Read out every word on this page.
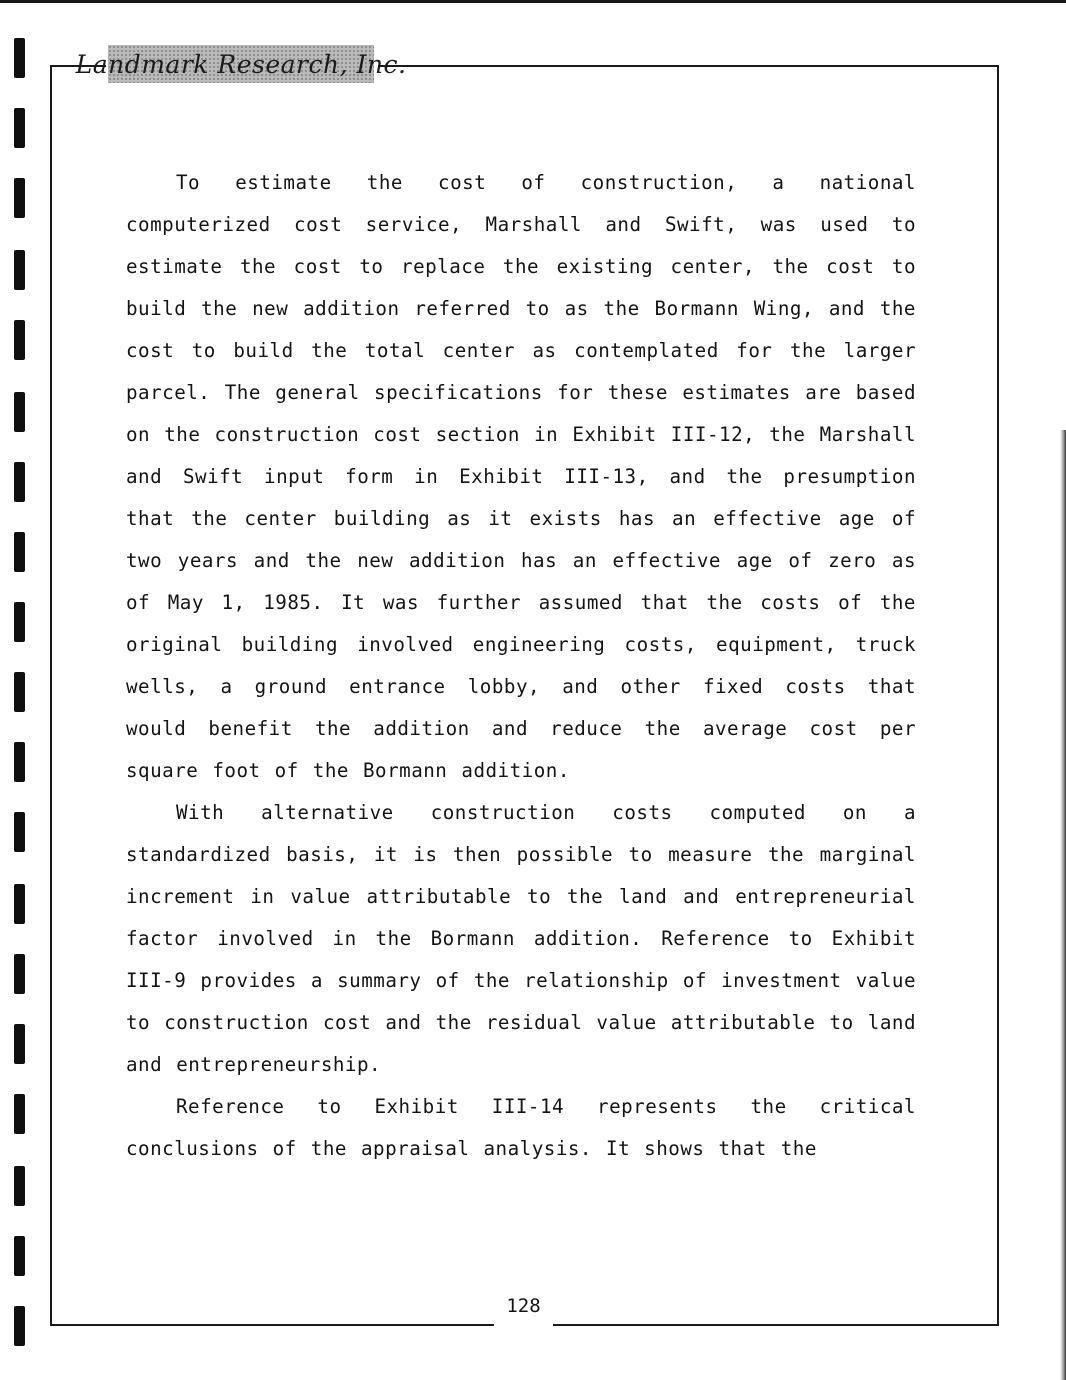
Landmark Research, Inc.

To estimate the cost of construction, a national computerized cost service, Marshall and Swift, was used to estimate the cost to replace the existing center, the cost to build the new addition referred to as the Bormann Wing, and the cost to build the total center as contemplated for the larger parcel. The general specifications for these estimates are based on the construction cost section in Exhibit III-12, the Marshall and Swift input form in Exhibit III-13, and the presumption that the center building as it exists has an effective age of two years and the new addition has an effective age of zero as of May 1, 1985. It was further assumed that the costs of the original building involved engineering costs, equipment, truck wells, a ground entrance lobby, and other fixed costs that would benefit the addition and reduce the average cost per square foot of the Bormann addition.

With alternative construction costs computed on a standardized basis, it is then possible to measure the marginal increment in value attributable to the land and entrepreneurial factor involved in the Bormann addition. Reference to Exhibit III-9 provides a summary of the relationship of investment value to construction cost and the residual value attributable to land and entrepreneurship.

Reference to Exhibit III-14 represents the critical conclusions of the appraisal analysis. It shows that the

128
